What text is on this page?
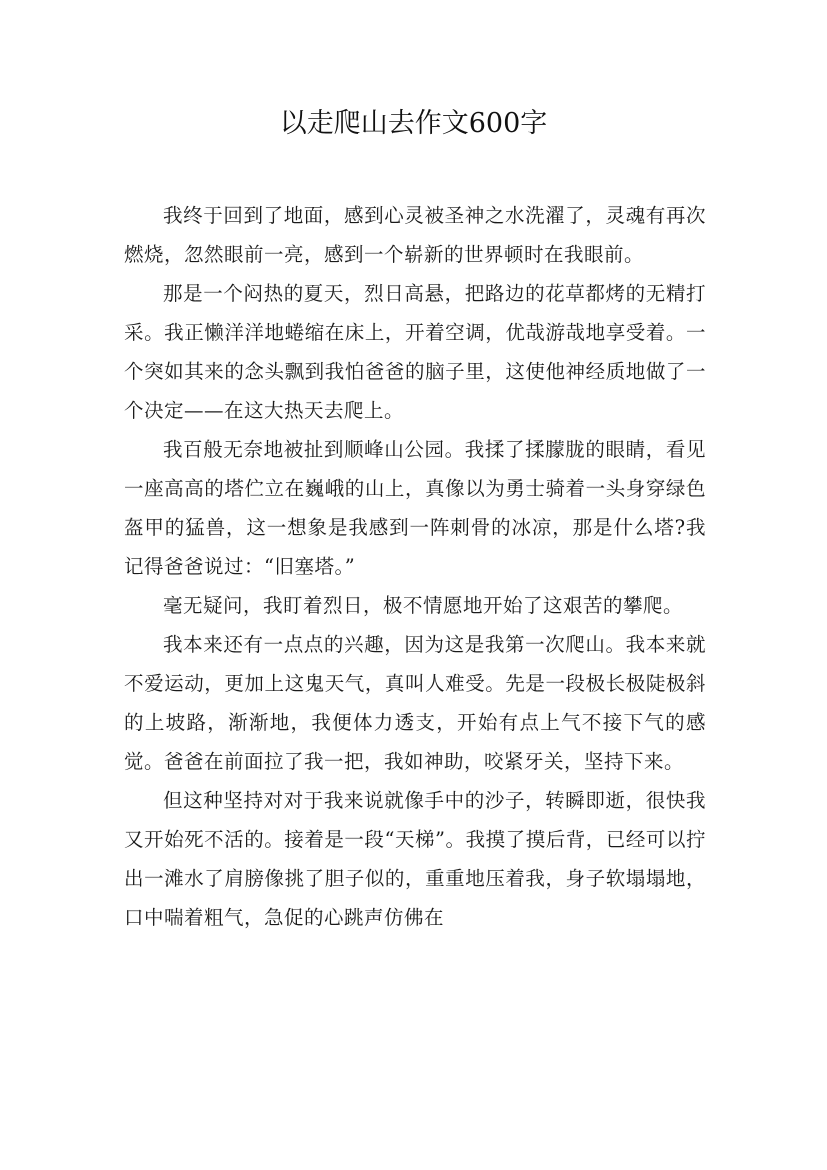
以走爬山去作文600字

我终于回到了地面，感到心灵被圣神之水洗濯了，灵魂有再次燃烧，忽然眼前一亮，感到一个崭新的世界顿时在我眼前。

那是一个闷热的夏天，烈日高悬，把路边的花草都烤的无精打采。我正懒洋洋地蜷缩在床上，开着空调，优哉游哉地享受着。一个突如其来的念头飘到我怕爸爸的脑子里，这使他神经质地做了一个决定——在这大热天去爬上。

我百般无奈地被扯到顺峰山公园。我揉了揉朦胧的眼睛，看见一座高高的塔伫立在巍峨的山上，真像以为勇士骑着一头身穿绿色盔甲的猛兽，这一想象是我感到一阵刺骨的冰凉，那是什么塔?我记得爸爸说过：“旧塞塔。”

毫无疑问，我盯着烈日，极不情愿地开始了这艰苦的攀爬。

我本来还有一点点的兴趣，因为这是我第一次爬山。我本来就不爱运动，更加上这鬼天气，真叫人难受。先是一段极长极陡极斜的上坡路，渐渐地，我便体力透支，开始有点上气不接下气的感觉。爸爸在前面拉了我一把，我如神助，咬紧牙关，坚持下来。

但这种坚持对对于我来说就像手中的沙子，转瞬即逝，很快我又开始死不活的。接着是一段“天梯”。我摸了摸后背，已经可以拧出一滩水了肩膀像挑了胆子似的，重重地压着我，身子软塌塌地，口中喘着粗气，急促的心跳声仿佛在
